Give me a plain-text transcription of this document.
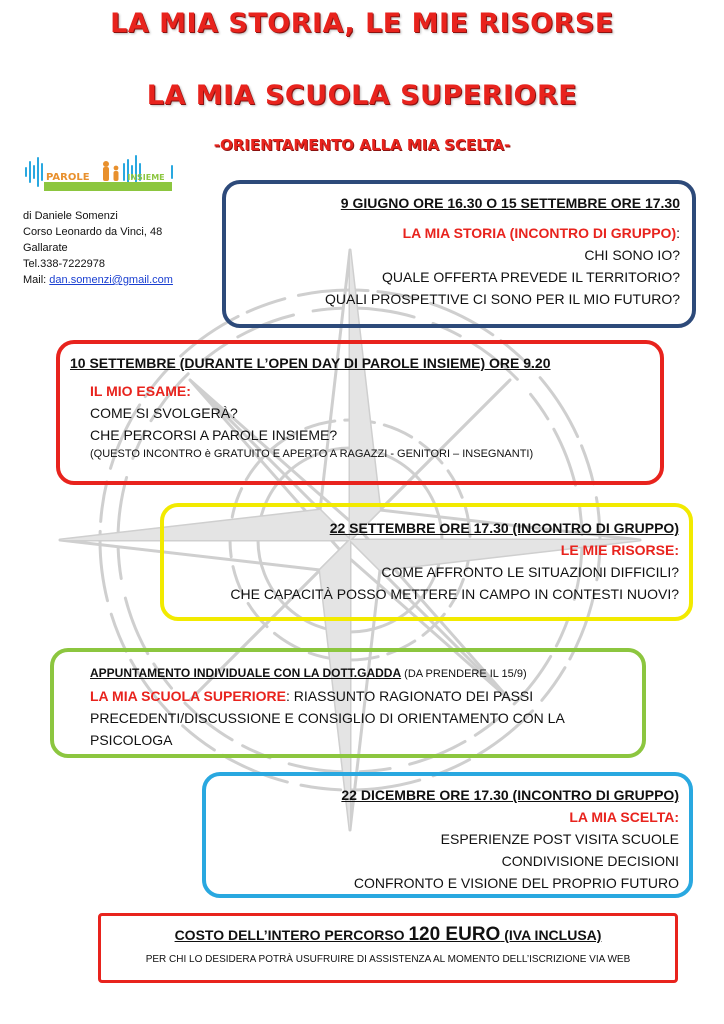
LA MIA STORIA, LE MIE RISORSE
LA MIA SCUOLA SUPERIORE
-ORIENTAMENTO ALLA MIA SCELTA-
PAROLE	INSIEME
di Daniele Somenzi
Corso Leonardo da Vinci, 48
Gallarate
Tel.338-7222978
Mail: dan.somenzi@gmail.com
9 GIUGNO ORE 16.30 O 15 SETTEMBRE ORE 17.30
LA MIA STORIA (INCONTRO DI GRUPPO):
CHI SONO IO?
QUALE OFFERTA PREVEDE IL TERRITORIO?
QUALI PROSPETTIVE CI SONO PER IL MIO FUTURO?
10 SETTEMBRE (DURANTE L’OPEN DAY DI PAROLE INSIEME) ORE 9.20
IL MIO ESAME:
COME SI SVOLGERÀ?
CHE PERCORSI A PAROLE INSIEME?
(QUESTO INCONTRO è GRATUITO E APERTO A RAGAZZI - GENITORI – INSEGNANTI)
22 SETTEMBRE ORE 17.30 (INCONTRO DI GRUPPO)
LE MIE RISORSE:
COME AFFRONTO LE SITUAZIONI DIFFICILI?
CHE CAPACITÀ POSSO METTERE IN CAMPO IN CONTESTI NUOVI?
APPUNTAMENTO INDIVIDUALE CON LA DOTT.GADDA (DA PRENDERE IL 15/9)
LA MIA SCUOLA SUPERIORE: RIASSUNTO RAGIONATO DEI PASSI
PRECEDENTI/DISCUSSIONE E CONSIGLIO DI ORIENTAMENTO CON LA
PSICOLOGA
22 DICEMBRE ORE 17.30 (INCONTRO DI GRUPPO)
LA MIA SCELTA:
ESPERIENZE POST VISITA SCUOLE
CONDIVISIONE DECISIONI
CONFRONTO E VISIONE DEL PROPRIO FUTURO
COSTO DELL’INTERO PERCORSO 120 EURO (IVA INCLUSA)
PER CHI LO DESIDERA POTRÀ USUFRUIRE DI ASSISTENZA AL MOMENTO DELL’ISCRIZIONE VIA WEB
